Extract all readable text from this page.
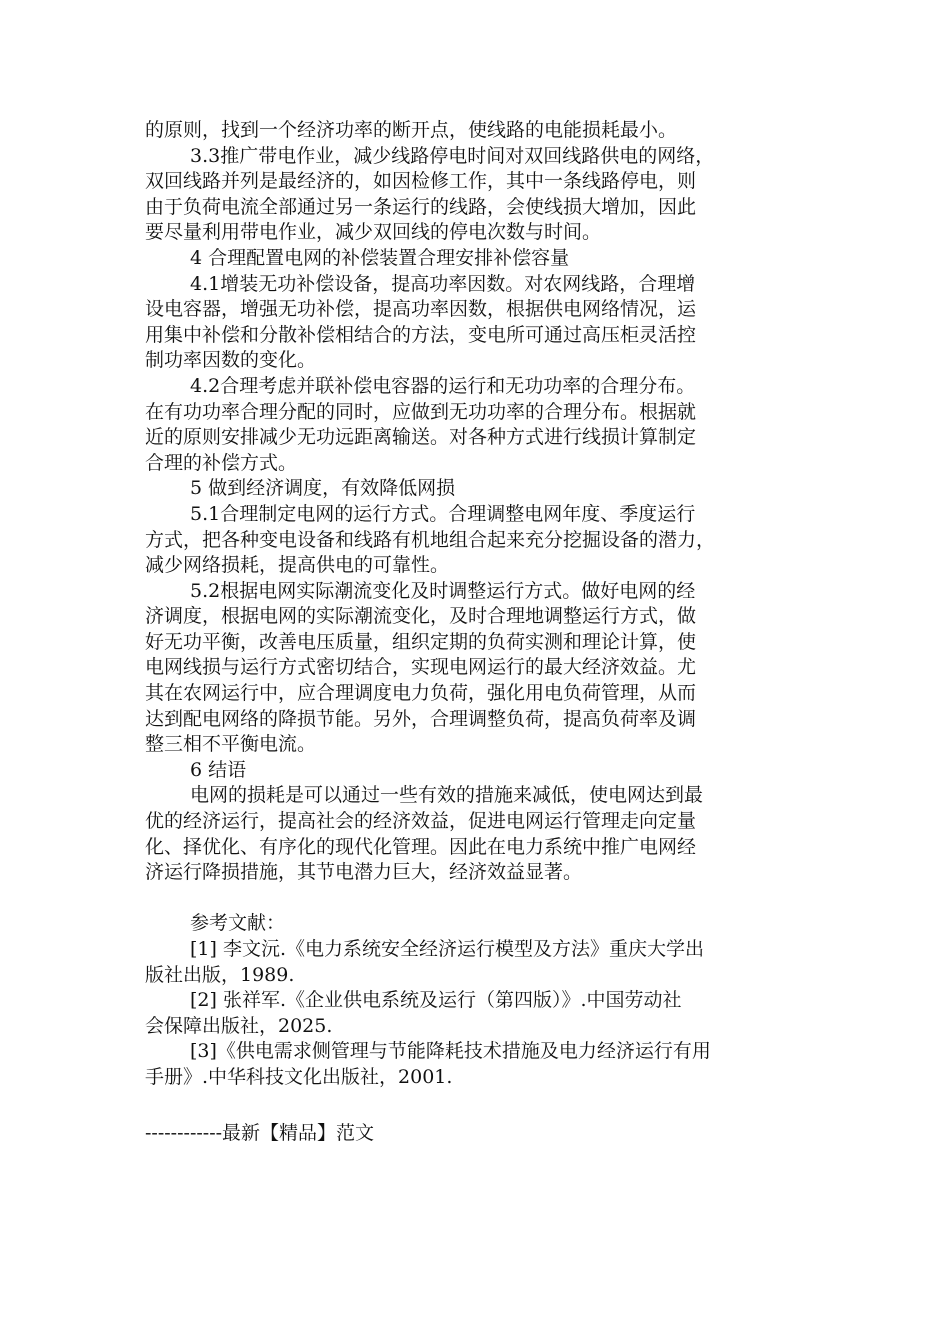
的原则，找到一个经济功率的断开点，使线路的电能损耗最小。
3.3推广带电作业，减少线路停电时间对双回线路供电的网络，
双回线路并列是最经济的，如因检修工作，其中一条线路停电，则
由于负荷电流全部通过另一条运行的线路，会使线损大增加，因此
要尽量利用带电作业，减少双回线的停电次数与时间。
4 合理配置电网的补偿装置合理安排补偿容量
4.1增装无功补偿设备，提高功率因数。对农网线路，合理增
设电容器，增强无功补偿，提高功率因数，根据供电网络情况，运
用集中补偿和分散补偿相结合的方法，变电所可通过高压柜灵活控
制功率因数的变化。
4.2合理考虑并联补偿电容器的运行和无功功率的合理分布。
在有功功率合理分配的同时，应做到无功功率的合理分布。根据就
近的原则安排减少无功远距离输送。对各种方式进行线损计算制定
合理的补偿方式。
5 做到经济调度，有效降低网损
5.1合理制定电网的运行方式。合理调整电网年度、季度运行
方式，把各种变电设备和线路有机地组合起来充分挖掘设备的潜力，
减少网络损耗，提高供电的可靠性。
5.2根据电网实际潮流变化及时调整运行方式。做好电网的经
济调度，根据电网的实际潮流变化，及时合理地调整运行方式，做
好无功平衡，改善电压质量，组织定期的负荷实测和理论计算，使
电网线损与运行方式密切结合，实现电网运行的最大经济效益。尤
其在农网运行中，应合理调度电力负荷，强化用电负荷管理，从而
达到配电网络的降损节能。另外，合理调整负荷，提高负荷率及调
整三相不平衡电流。
6 结语
电网的损耗是可以通过一些有效的措施来减低，使电网达到最
优的经济运行，提高社会的经济效益，促进电网运行管理走向定量
化、择优化、有序化的现代化管理。因此在电力系统中推广电网经
济运行降损措施，其节电潜力巨大，经济效益显著。
参考文献：
[1] 李文沅.《电力系统安全经济运行模型及方法》重庆大学出
版社出版，1989.
[2] 张祥军.《企业供电系统及运行（第四版）》.中国劳动社
会保障出版社，2025.
[3]《供电需求侧管理与节能降耗技术措施及电力经济运行有用
手册》.中华科技文化出版社，2001.
------------最新【精品】范文
